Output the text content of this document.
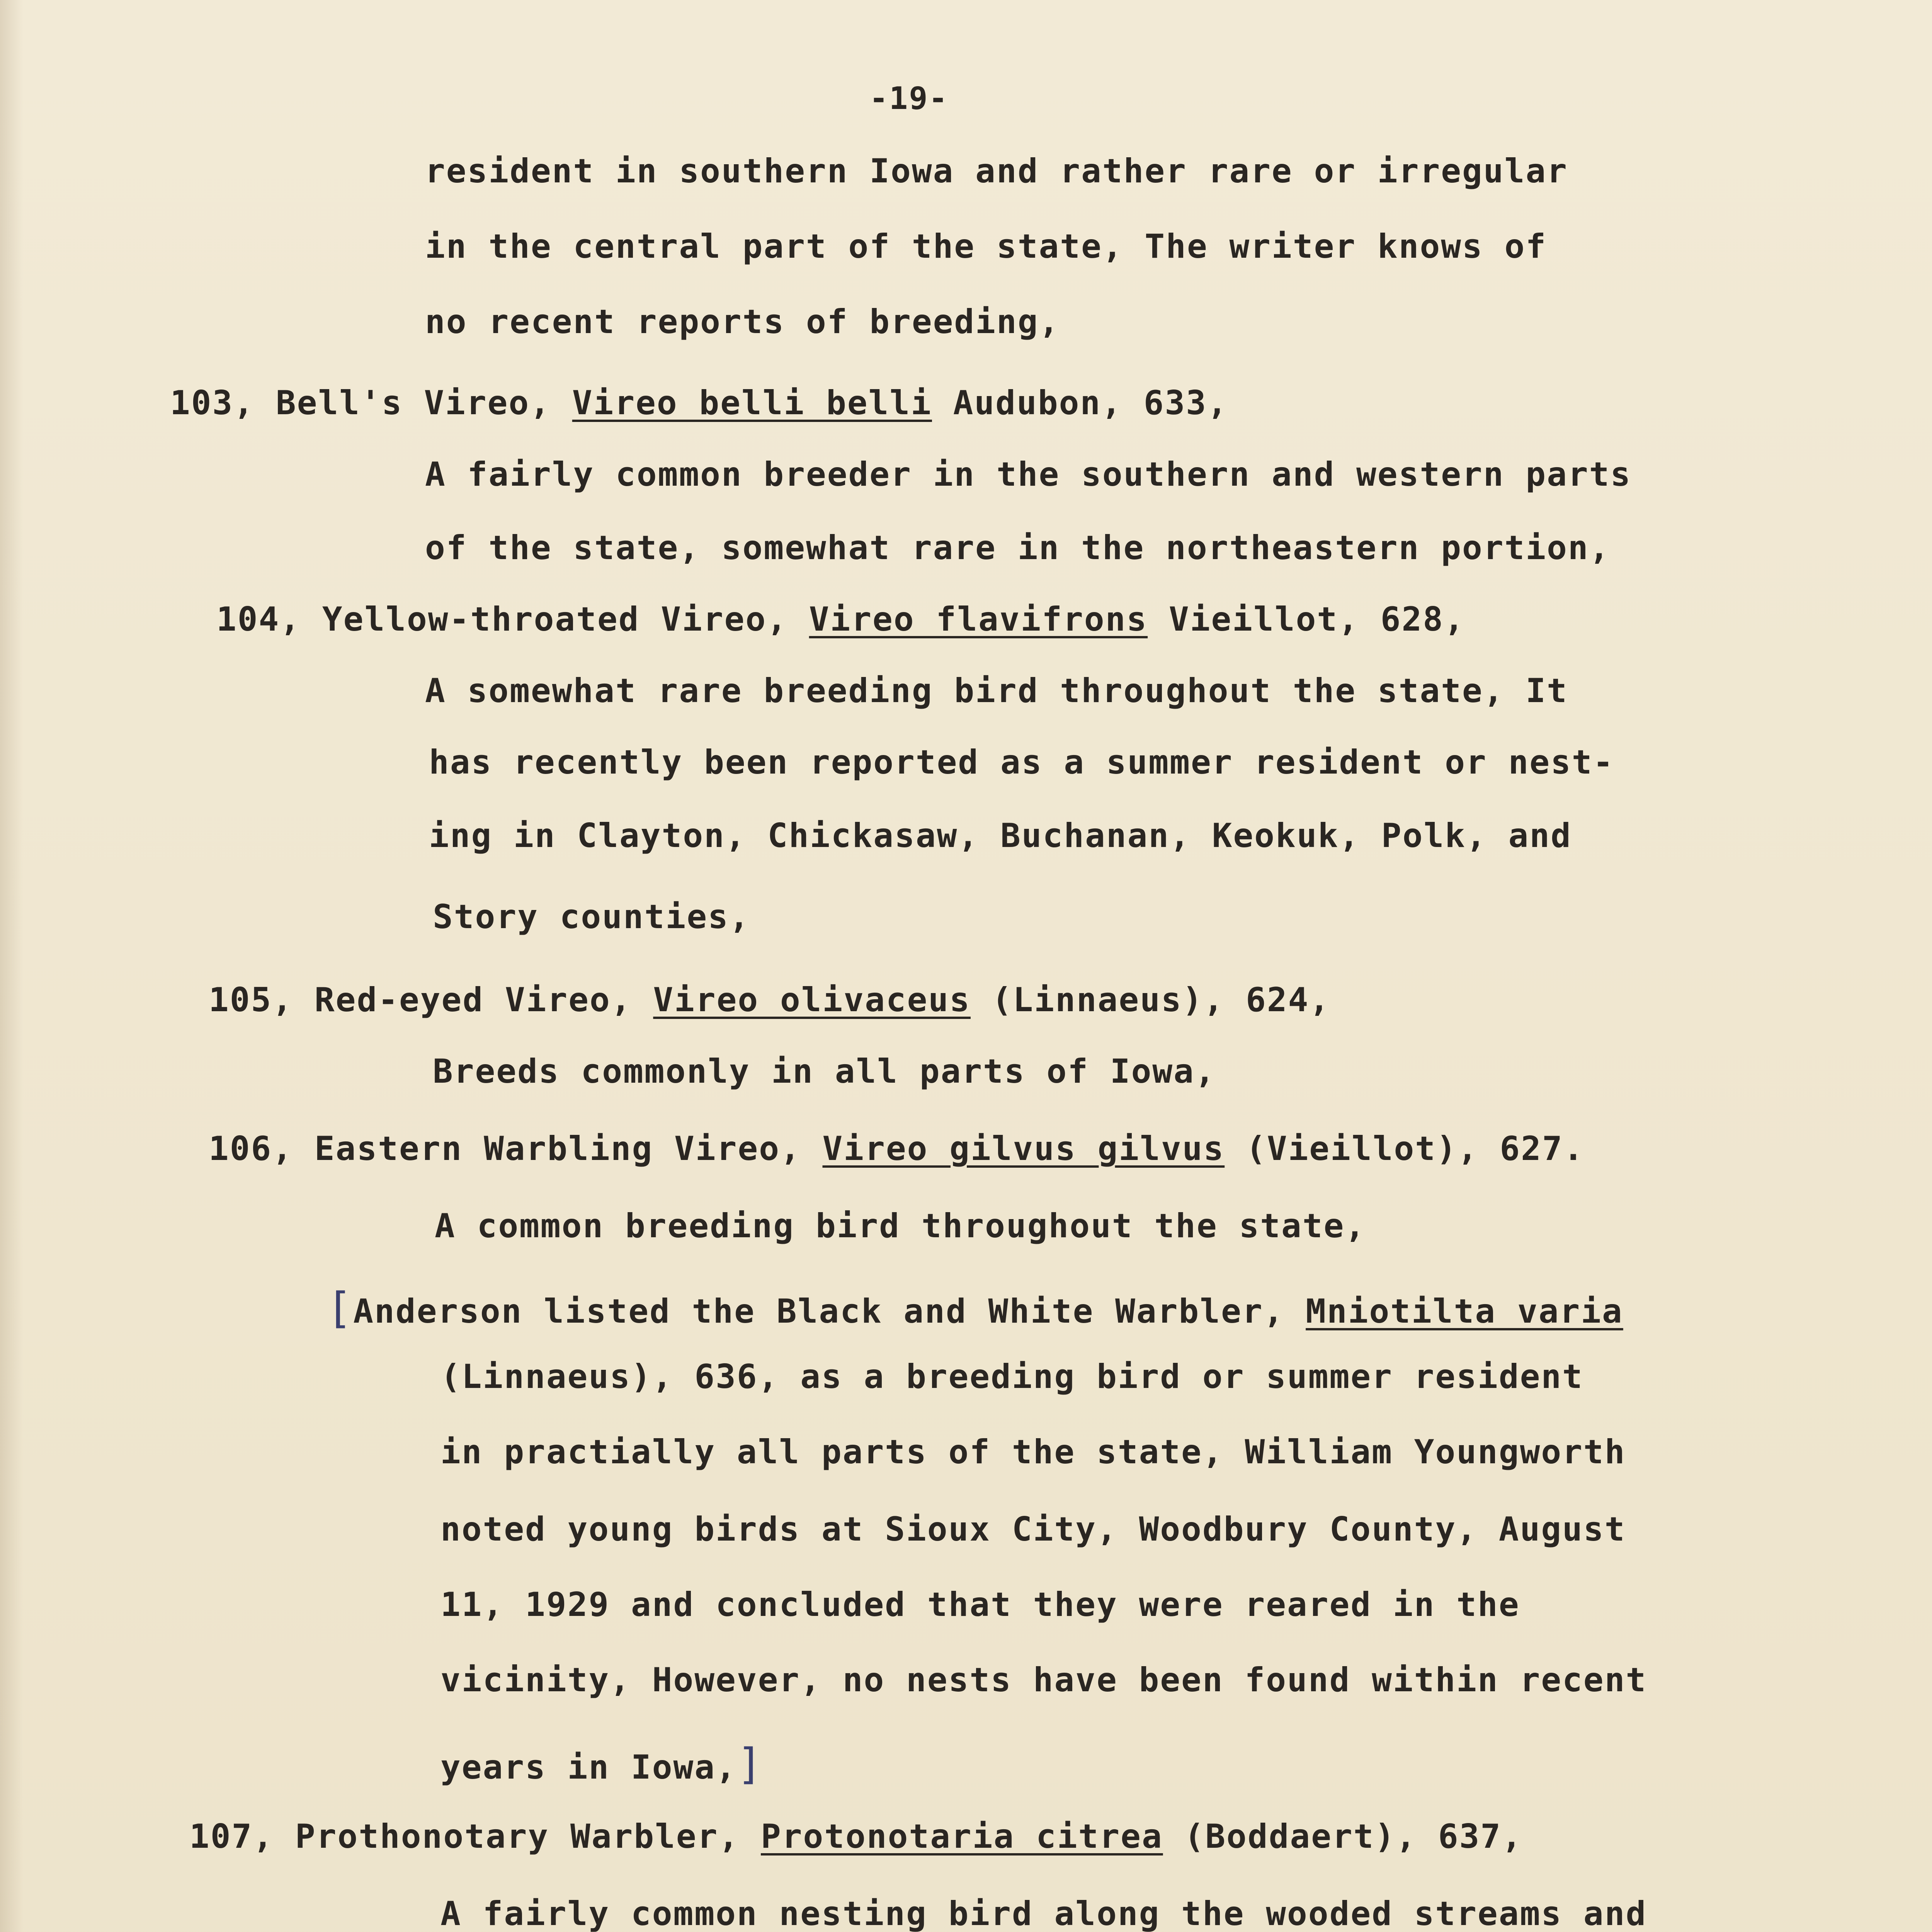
-19-
resident in southern Iowa and rather rare or irregular
in the central part of the state, The writer knows of
no recent reports of breeding,
103, Bell's Vireo, Vireo belli belli Audubon, 633,
A fairly common breeder in the southern and western parts
of the state, somewhat rare in the northeastern portion,
104, Yellow-throated Vireo, Vireo flavifrons Vieillot, 628,
A somewhat rare breeding bird throughout the state, It
has recently been reported as a summer resident or nest-
ing in Clayton, Chickasaw, Buchanan, Keokuk, Polk, and
Story counties,
105, Red-eyed Vireo, Vireo olivaceus (Linnaeus), 624,
Breeds commonly in all parts of Iowa,
106, Eastern Warbling Vireo, Vireo gilvus gilvus (Vieillot), 627.
A common breeding bird throughout the state,
[Anderson listed the Black and White Warbler, Mniotilta varia
(Linnaeus), 636, as a breeding bird or summer resident
in practially all parts of the state, William Youngworth
noted young birds at Sioux City, Woodbury County, August
11, 1929 and concluded that they were reared in the
vicinity, However, no nests have been found within recent
years in Iowa,]
107, Prothonotary Warbler, Protonotaria citrea (Boddaert), 637,
A fairly common nesting bird along the wooded streams and
